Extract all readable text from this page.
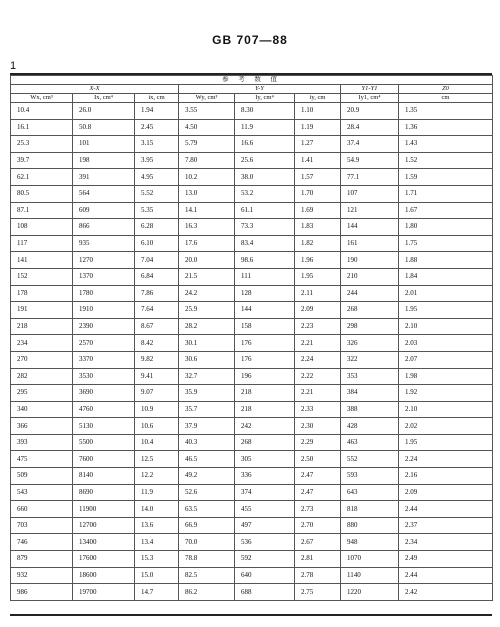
GB 707—88
1
参 考 数 值							
X-X			Y-Y			Y1-Y1	Z0
Wx, cm³	Ix, cm⁴	ix, cm	Wy, cm³	Iy, cm⁴	iy, cm	Iy1, cm⁴	cm
10.4	26.0	1.94	3.55	8.30	1.10	20.9	1.35
16.1	50.8	2.45	4.50	11.9	1.19	28.4	1.36
25.3	101	3.15	5.79	16.6	1.27	37.4	1.43
39.7	198	3.95	7.80	25.6	1.41	54.9	1.52
62.1	391	4.95	10.2	38.0	1.57	77.1	1.59
80.5	564	5.52	13.0	53.2	1.70	107	1.71
87.1	609	5.35	14.1	61.1	1.69	121	1.67
108	866	6.28	16.3	73.3	1.83	144	1.80
117	935	6.10	17.6	83.4	1.82	161	1.75
141	1270	7.04	20.0	98.6	1.96	190	1.88
152	1370	6.84	21.5	111	1.95	210	1.84
178	1780	7.86	24.2	128	2.11	244	2.01
191	1910	7.64	25.9	144	2.09	268	1.95
218	2390	8.67	28.2	158	2.23	298	2.10
234	2570	8.42	30.1	176	2.21	326	2.03
270	3370	9.82	30.6	176	2.24	322	2.07
282	3530	9.41	32.7	196	2.22	353	1.98
295	3690	9.07	35.9	218	2.21	384	1.92
340	4760	10.9	35.7	218	2.33	388	2.10
366	5130	10.6	37.9	242	2.30	428	2.02
393	5500	10.4	40.3	268	2.29	463	1.95
475	7600	12.5	46.5	305	2.50	552	2.24
509	8140	12.2	49.2	336	2.47	593	2.16
543	8690	11.9	52.6	374	2.47	643	2.09
660	11900	14.0	63.5	455	2.73	818	2.44
703	12700	13.6	66.9	497	2.70	880	2.37
746	13400	13.4	70.0	536	2.67	948	2.34
879	17600	15.3	78.8	592	2.81	1070	2.49
932	18600	15.0	82.5	640	2.78	1140	2.44
986	19700	14.7	86.2	688	2.75	1220	2.42
